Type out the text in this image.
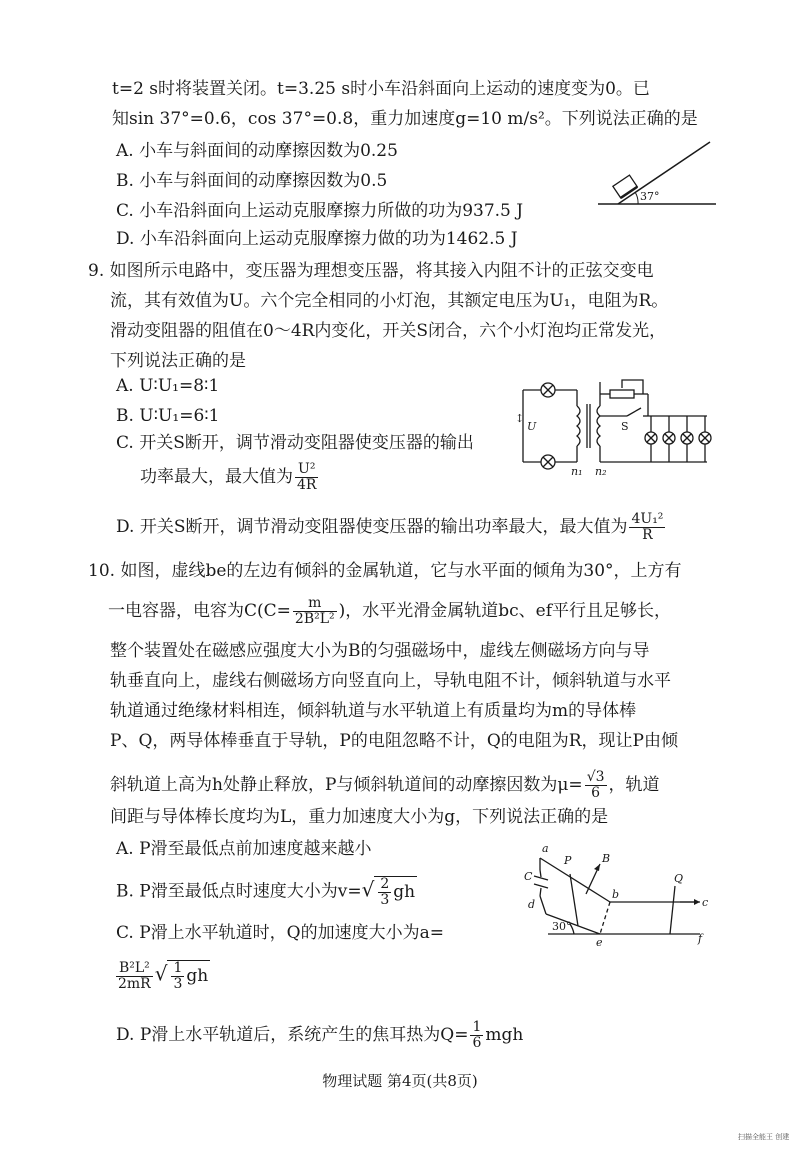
t=2 s时将装置关闭。t=3.25 s时小车沿斜面向上运动的速度变为0。已
知sin 37°=0.6，cos 37°=0.8，重力加速度g=10 m/s²。下列说法正确的是
A. 小车与斜面间的动摩擦因数为0.25
B. 小车与斜面间的动摩擦因数为0.5
C. 小车沿斜面向上运动克服摩擦力所做的功为937.5 J
D. 小车沿斜面向上运动克服摩擦力做的功为1462.5 J
37°
9. 如图所示电路中，变压器为理想变压器，将其接入内阻不计的正弦交变电
流，其有效值为U。六个完全相同的小灯泡，其额定电压为U₁，电阻为R。
滑动变阻器的阻值在0～4R内变化，开关S闭合，六个小灯泡均正常发光，
下列说法正确的是
A. U∶U₁=8∶1
B. U∶U₁=6∶1
C. 开关S断开，调节滑动变阻器使变压器的输出
功率最大，最大值为 $\frac{\text{U²}}{4R}$
D. 开关S断开，调节滑动变阻器使变压器的输出功率最大，最大值为 $\frac{\text{4U₁²}}{R}$
↕
U
n₁ n₂
S
10. 如图，虚线be的左边有倾斜的金属轨道，它与水平面的倾角为30°，上方有
一电容器，电容为$C(C= \frac{m}{\text{2B²L²}}$ )，水平光滑金属轨道bc、ef平行且足够长，
整个装置处在磁感应强度大小为B的匀强磁场中，虚线左侧磁场方向与导
轨垂直向上，虚线右侧磁场方向竖直向上，导轨电阻不计，倾斜轨道与水平
轨道通过绝缘材料相连，倾斜轨道与水平轨道上有质量均为m的导体棒
P、Q，两导体棒垂直于导轨，P的电阻忽略不计，Q的电阻为R，现让P由倾
斜轨道上高为h处静止释放，P与倾斜轨道间的动摩擦因数为$\mu= \frac{√3}{6}$ ，轨道
间距与导体棒长度均为L，重力加速度大小为g，下列说法正确的是
A. P滑至最低点前加速度越来越小
B. P滑至最低点时速度大小为$v=√ \frac{2}{3}$ gh
C. P滑上水平轨道时，Q的加速度大小为a=
$\frac{\text{B²L²}}{2mR}$ √ $\frac{1}{3}$ gh
D. P滑上水平轨道后，系统产生的焦耳热为$Q= \frac{1}{6}$ mgh
a
C
P	B
b
Q
c
d
e	f
30°
物理试题 第4页(共8页)
扫描全能王 创建
